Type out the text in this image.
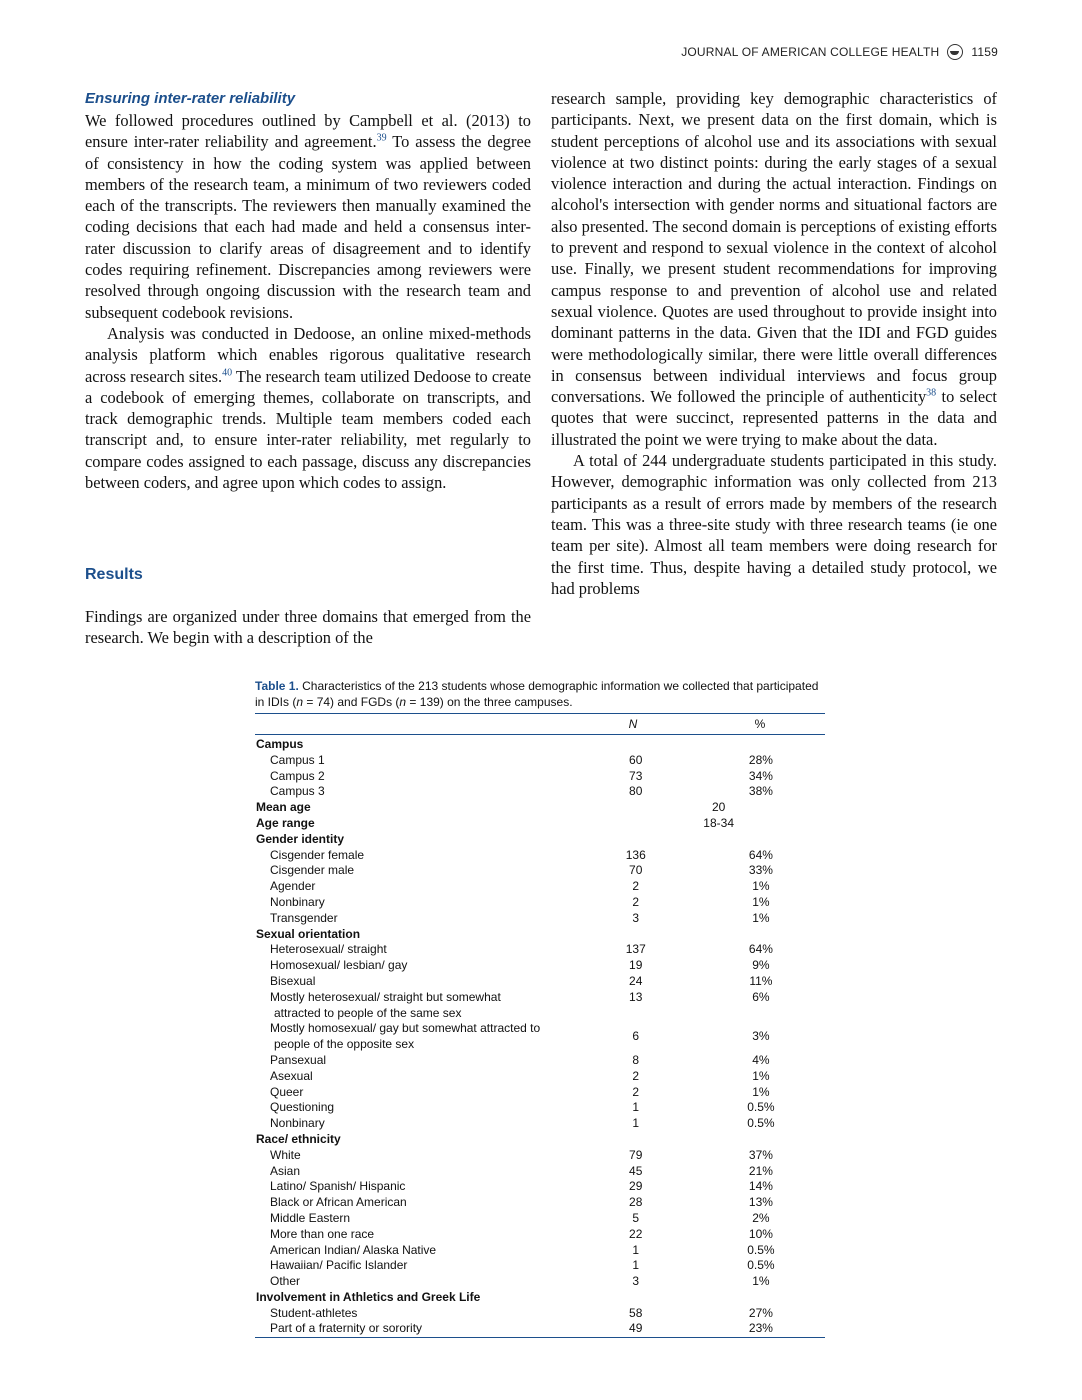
JOURNAL OF AMERICAN COLLEGE HEALTH	1159
Ensuring inter-rater reliability

We followed procedures outlined by Campbell et al. (2013) to ensure inter-rater reliability and agreement.$^{39}$ To assess the degree of consistency in how the coding system was applied between members of the research team, a minimum of two reviewers coded each of the transcripts. The reviewers then manually examined the coding decisions that each had made and held a consensus inter-rater discussion to clarify areas of disagreement and to identify codes requiring refinement. Discrepancies among reviewers were resolved through ongoing discussion with the research team and subsequent codebook revisions.

Analysis was conducted in Dedoose, an online mixed-methods analysis platform which enables rigorous qualitative research across research sites.$^{40}$ The research team utilized Dedoose to create a codebook of emerging themes, collaborate on transcripts, and track demographic trends. Multiple team members coded each transcript and, to ensure inter-rater reliability, met regularly to compare codes assigned to each passage, discuss any discrepancies between coders, and agree upon which codes to assign.

Results

Findings are organized under three domains that emerged from the research. We begin with a description of the

research sample, providing key demographic characteristics of participants. Next, we present data on the first domain, which is student perceptions of alcohol use and its associations with sexual violence at two distinct points: during the early stages of a sexual violence interaction and during the actual interaction. Findings on alcohol's intersection with gender norms and situational factors are also presented. The second domain is perceptions of existing efforts to prevent and respond to sexual violence in the context of alcohol use. Finally, we present student recommendations for improving campus response to and prevention of alcohol use and related sexual violence. Quotes are used throughout to provide insight into dominant patterns in the data. Given that the IDI and FGD guides were methodologically similar, there were little overall differences in consensus between individual interviews and focus group conversations. We followed the principle of authenticity$^{38}$ to select quotes that were succinct, represented patterns in the data and illustrated the point we were trying to make about the data.

A total of 244 undergraduate students participated in this study. However, demographic information was only collected from 213 participants as a result of errors made by members of the research team. This was a three-site study with three research teams (ie one team per site). Almost all team members were doing research for the first time. Thus, despite having a detailed study protocol, we had problems

Table 1. Characteristics of the 213 students whose demographic information we collected that participated in IDIs (n = 74) and FGDs (n = 139) on the three campuses.
N	%
Campus		
Campus 1	60	28%
Campus 2	73	34%
Campus 3	80	38%
Mean age	20	
Age range	18-34	
Gender identity		
Cisgender female	136	64%
Cisgender male	70	33%
Agender	2	1%
Nonbinary	2	1%
Transgender	3	1%
Sexual orientation		
Heterosexual/ straight	137	64%
Homosexual/ lesbian/ gay	19	9%
Bisexual	24	11%
Mostly heterosexual/ straight but somewhat
attracted to people of the same sex	13	6%
Mostly homosexual/ gay but somewhat attracted to
people of the opposite sex	6	3%
Pansexual	8	4%
Asexual	2	1%
Queer	2	1%
Questioning	1	0.5%
Nonbinary	1	0.5%
Race/ ethnicity		
White	79	37%
Asian	45	21%
Latino/ Spanish/ Hispanic	29	14%
Black or African American	28	13%
Middle Eastern	5	2%
More than one race	22	10%
American Indian/ Alaska Native	1	0.5%
Hawaiian/ Pacific Islander	1	0.5%
Other	3	1%
Involvement in Athletics and Greek Life		
Student-athletes	58	27%
Part of a fraternity or sorority	49	23%
